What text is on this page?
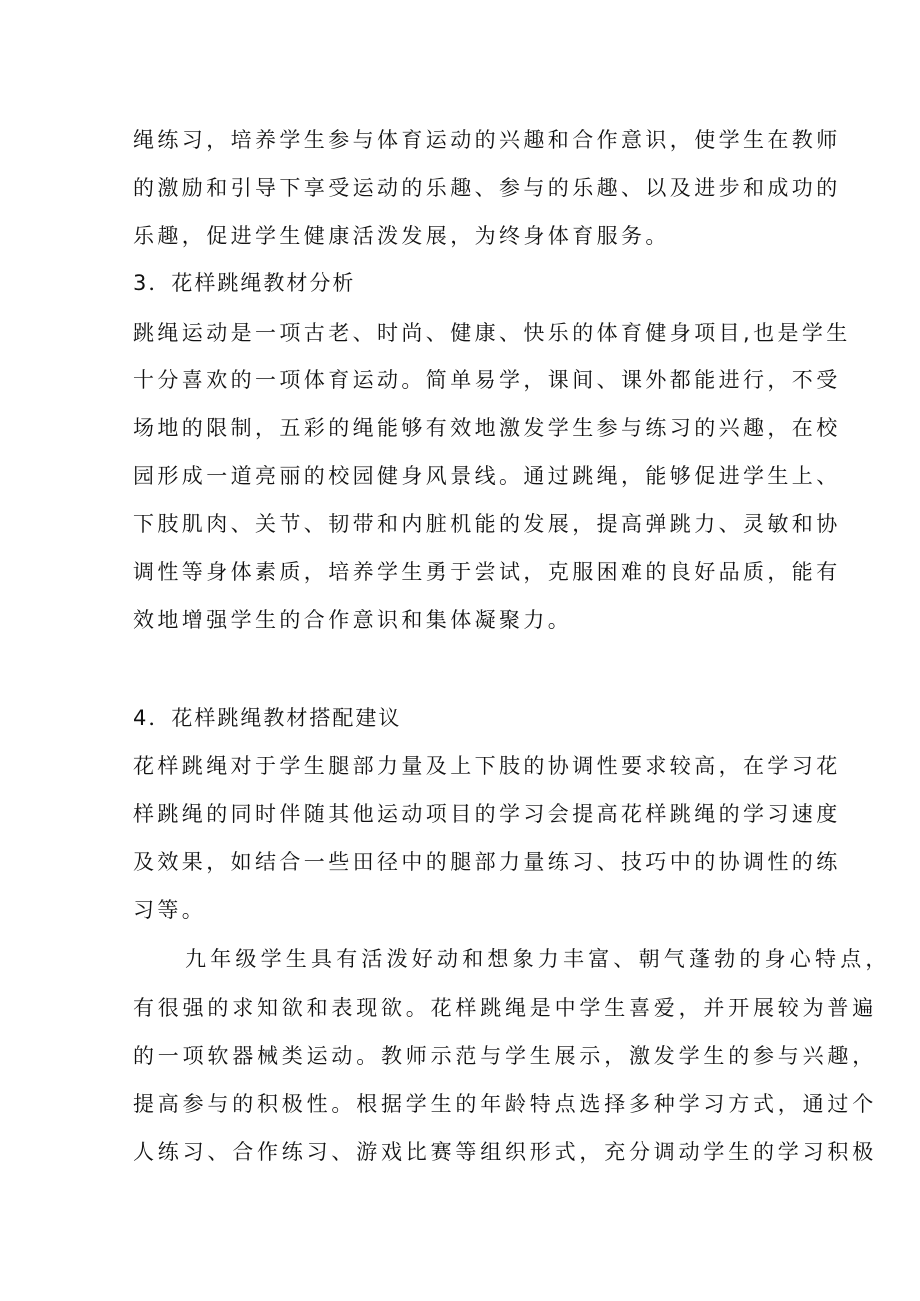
绳练习，培养学生参与体育运动的兴趣和合作意识，使学生在教师
的激励和引导下享受运动的乐趣、参与的乐趣、以及进步和成功的
乐趣，促进学生健康活泼发展，为终身体育服务。
3．花样跳绳教材分析
跳绳运动是一项古老、时尚、健康、快乐的体育健身项目,也是学生
十分喜欢的一项体育运动。简单易学，课间、课外都能进行，不受
场地的限制，五彩的绳能够有效地激发学生参与练习的兴趣，在校
园形成一道亮丽的校园健身风景线。通过跳绳，能够促进学生上、
下肢肌肉、关节、韧带和内脏机能的发展，提高弹跳力、灵敏和协
调性等身体素质，培养学生勇于尝试，克服困难的良好品质，能有
效地增强学生的合作意识和集体凝聚力。
4．花样跳绳教材搭配建议
花样跳绳对于学生腿部力量及上下肢的协调性要求较高，在学习花
样跳绳的同时伴随其他运动项目的学习会提高花样跳绳的学习速度
及效果，如结合一些田径中的腿部力量练习、技巧中的协调性的练
习等。
九年级学生具有活泼好动和想象力丰富、朝气蓬勃的身心特点，
有很强的求知欲和表现欲。花样跳绳是中学生喜爱，并开展较为普遍
的一项软器械类运动。教师示范与学生展示，激发学生的参与兴趣，
提高参与的积极性。根据学生的年龄特点选择多种学习方式，通过个
人练习、合作练习、游戏比赛等组织形式，充分调动学生的学习积极
